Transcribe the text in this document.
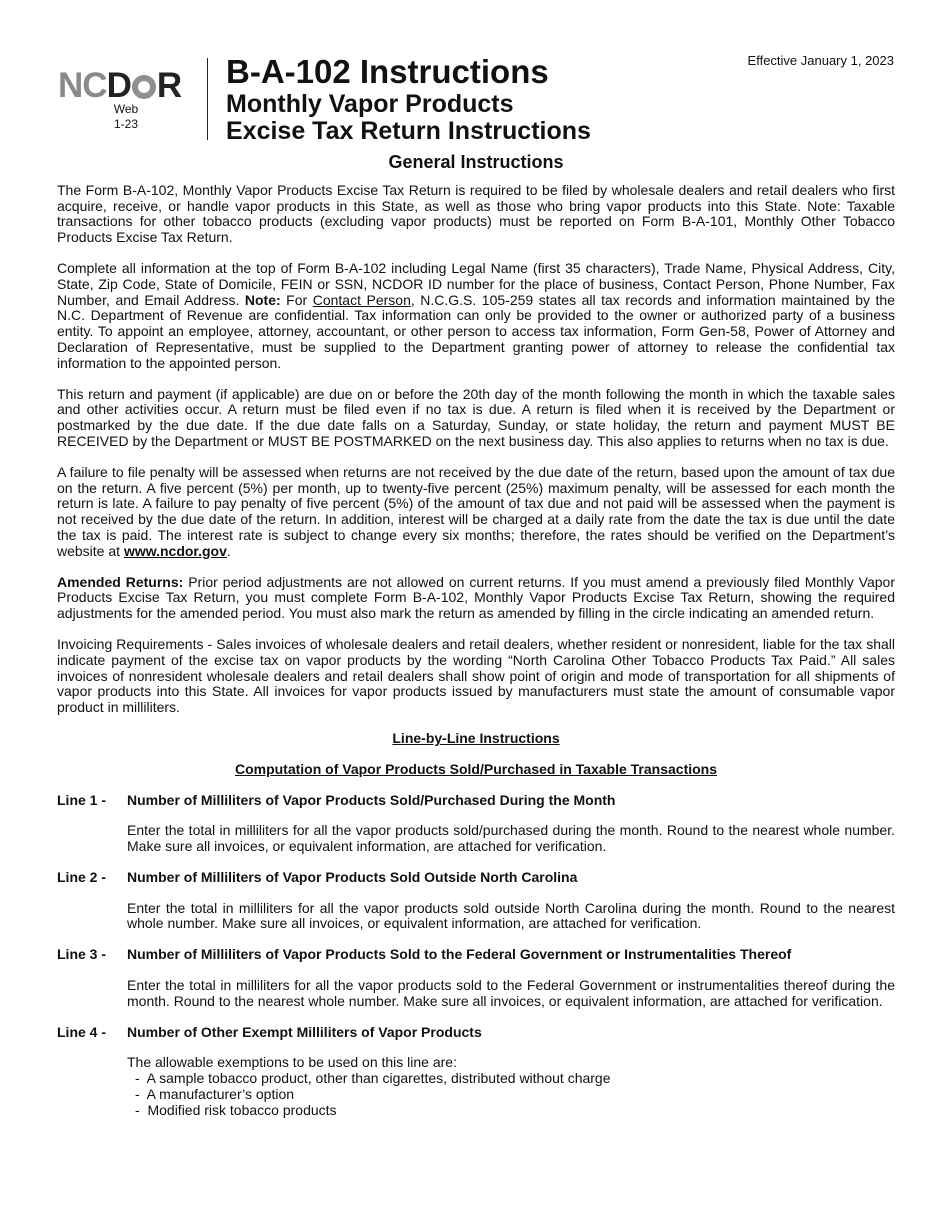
NCD R
Web
1-23
B-A-102 Instructions
Monthly Vapor Products
Excise Tax Return Instructions
Effective January 1, 2023
General Instructions

The Form B-A-102, Monthly Vapor Products Excise Tax Return is required to be filed by wholesale dealers and retail dealers who first acquire, receive, or handle vapor products in this State, as well as those who bring vapor products into this State. Note: Taxable transactions for other tobacco products (excluding vapor products) must be reported on Form B-A-101, Monthly Other Tobacco Products Excise Tax Return.

Complete all information at the top of Form B-A-102 including Legal Name (first 35 characters), Trade Name, Physical Address, City, State, Zip Code, State of Domicile, FEIN or SSN, NCDOR ID number for the place of business, Contact Person, Phone Number, Fax Number, and Email Address. Note: For Contact Person, N.C.G.S. 105-259 states all tax records and information maintained by the N.C. Department of Revenue are confidential. Tax information can only be provided to the owner or authorized party of a business entity. To appoint an employee, attorney, accountant, or other person to access tax information, Form Gen-58, Power of Attorney and Declaration of Representative, must be supplied to the Department granting power of attorney to release the confidential tax information to the appointed person.

This return and payment (if applicable) are due on or before the 20th day of the month following the month in which the taxable sales and other activities occur. A return must be filed even if no tax is due. A return is filed when it is received by the Department or postmarked by the due date. If the due date falls on a Saturday, Sunday, or state holiday, the return and payment MUST BE RECEIVED by the Department or MUST BE POSTMARKED on the next business day. This also applies to returns when no tax is due.

A failure to file penalty will be assessed when returns are not received by the due date of the return, based upon the amount of tax due on the return. A five percent (5%) per month, up to twenty-five percent (25%) maximum penalty, will be assessed for each month the return is late. A failure to pay penalty of five percent (5%) of the amount of tax due and not paid will be assessed when the payment is not received by the due date of the return. In addition, interest will be charged at a daily rate from the date the tax is due until the date the tax is paid. The interest rate is subject to change every six months; therefore, the rates should be verified on the Department’s website at www.ncdor.gov.

Amended Returns: Prior period adjustments are not allowed on current returns. If you must amend a previously filed Monthly Vapor Products Excise Tax Return, you must complete Form B-A-102, Monthly Vapor Products Excise Tax Return, showing the required adjustments for the amended period. You must also mark the return as amended by filling in the circle indicating an amended return.

Invoicing Requirements - Sales invoices of wholesale dealers and retail dealers, whether resident or nonresident, liable for the tax shall indicate payment of the excise tax on vapor products by the wording “North Carolina Other Tobacco Products Tax Paid.” All sales invoices of nonresident wholesale dealers and retail dealers shall show point of origin and mode of transportation for all shipments of vapor products into this State. All invoices for vapor products issued by manufacturers must state the amount of consumable vapor product in milliliters.

Line-by-Line Instructions
Computation of Vapor Products Sold/Purchased in Taxable Transactions
Line 1 -	Number of Milliliters of Vapor Products Sold/Purchased During the Month

Enter the total in milliliters for all the vapor products sold/purchased during the month. Round to the nearest whole number. Make sure all invoices, or equivalent information, are attached for verification.

Line 2 -	Number of Milliliters of Vapor Products Sold Outside North Carolina

Enter the total in milliliters for all the vapor products sold outside North Carolina during the month. Round to the nearest whole number. Make sure all invoices, or equivalent information, are attached for verification.

Line 3 -	Number of Milliliters of Vapor Products Sold to the Federal Government or Instrumentalities Thereof

Enter the total in milliliters for all the vapor products sold to the Federal Government or instrumentalities thereof during the month. Round to the nearest whole number. Make sure all invoices, or equivalent information, are attached for verification.

Line 4 -	Number of Other Exempt Milliliters of Vapor Products
The allowable exemptions to be used on this line are:
- A sample tobacco product, other than cigarettes, distributed without charge
- A manufacturer’s option
- Modified risk tobacco products
